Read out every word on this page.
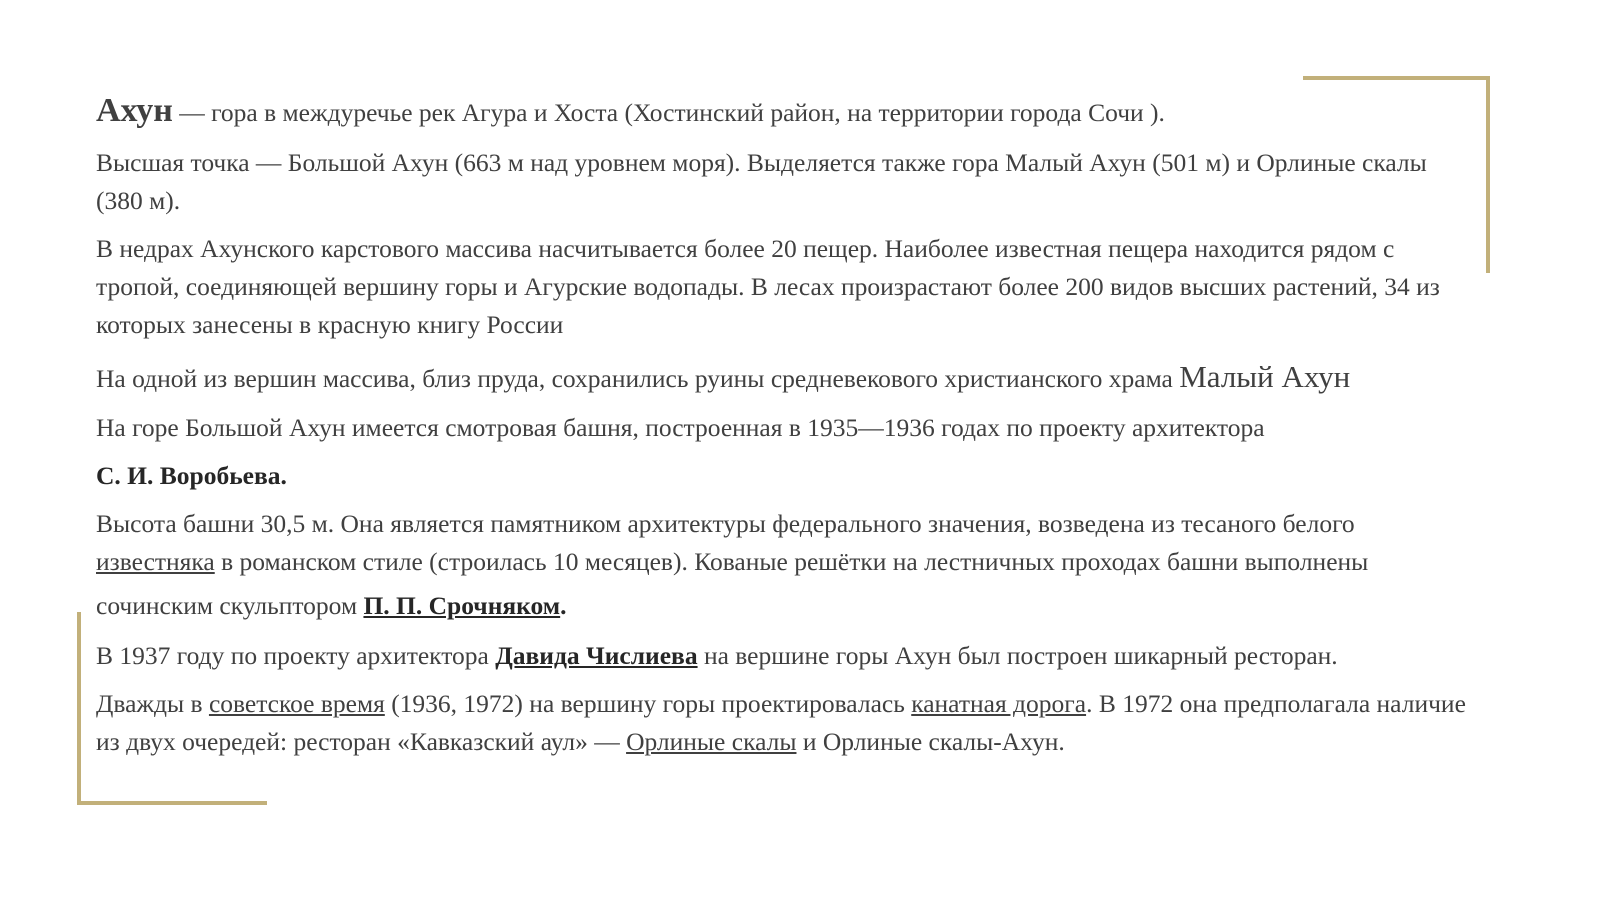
Ахун — гора в междуречье рек Агура и Хоста (Хостинский район, на территории города Сочи ).

Высшая точка — Большой Ахун (663 м над уровнем моря). Выделяется также гора Малый Ахун (501 м) и Орлиные скалы (380 м).

В недрах Ахунского карстового массива насчитывается более 20 пещер. Наиболее известная пещера находится рядом с тропой, соединяющей вершину горы и Агурские водопады. В лесах произрастают более 200 видов высших растений, 34 из которых занесены в красную книгу России

На одной из вершин массива, близ пруда, сохранились руины средневекового христианского храма Малый Ахун

На горе Большой Ахун имеется смотровая башня, построенная в 1935—1936 годах по проекту архитектора

С. И. Воробьева.

Высота башни 30,5 м. Она является памятником архитектуры федерального значения, возведена из тесаного белого известняка в романском стиле (строилась 10 месяцев). Кованые решётки на лестничных проходах башни выполнены
сочинским скульптором П. П. Срочняком.

В 1937 году по проекту архитектора Давида Числиева на вершине горы Ахун был построен шикарный ресторан.

Дважды в советское время (1936, 1972) на вершину горы проектировалась канатная дорога. В 1972 она предполагала наличие из двух очередей: ресторан «Кавказский аул» — Орлиные скалы и Орлиные скалы-Ахун.
